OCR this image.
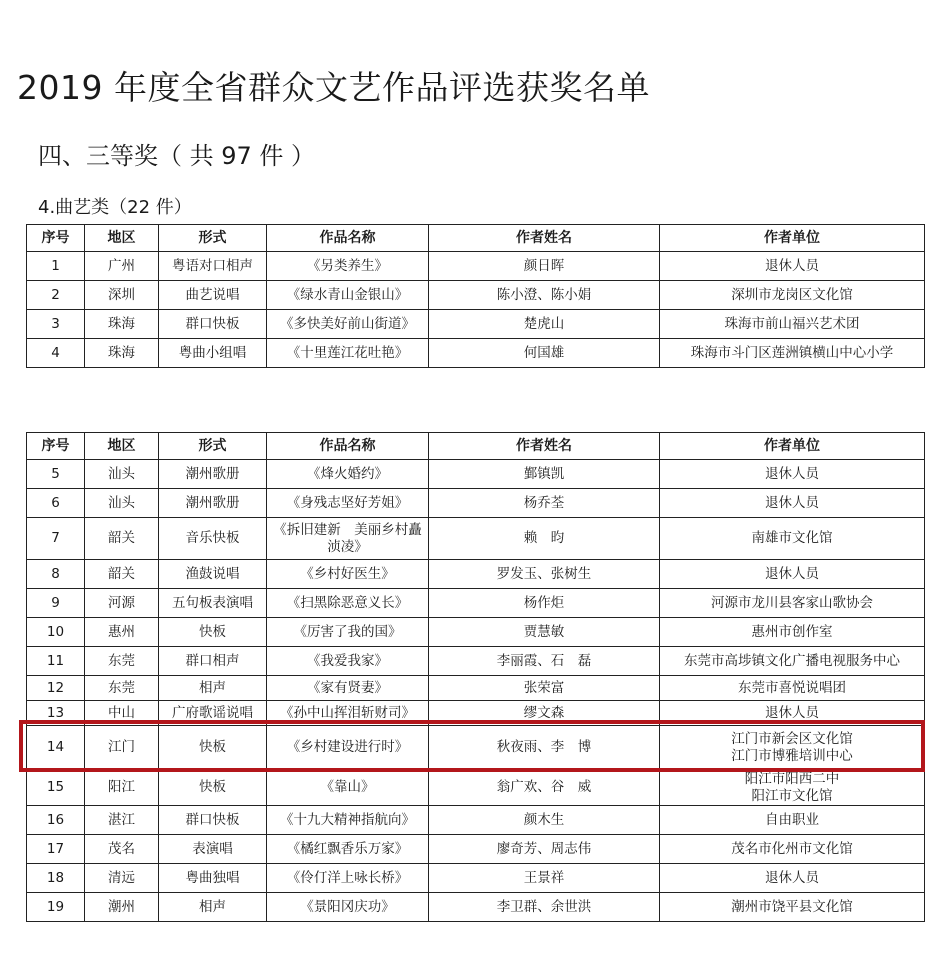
2019 年度全省群众文艺作品评选获奖名单
四、三等奖（ 共 97 件 ）
4.曲艺类（22 件）
序号	地区	形式	作品名称	作者姓名	作者单位
1	广州	粤语对口相声	《另类养生》	颜日晖	退休人员
2	深圳	曲艺说唱	《绿水青山金银山》	陈小澄、陈小娟	深圳市龙岗区文化馆
3	珠海	群口快板	《多快美好前山街道》	楚虎山	珠海市前山福兴艺术团
4	珠海	粤曲小组唱	《十里莲江花吐艳》	何国雄	珠海市斗门区莲洲镇横山中心小学
序号	地区	形式	作品名称	作者姓名	作者单位
5	汕头	潮州歌册	《烽火婚约》	鄞镇凯	退休人员
6	汕头	潮州歌册	《身残志坚好芳姐》	杨乔荃	退休人员
7	韶关	音乐快板	《拆旧建新　美丽乡村矗浈凌》	赖　昀	南雄市文化馆
8	韶关	渔鼓说唱	《乡村好医生》	罗发玉、张树生	退休人员
9	河源	五句板表演唱	《扫黑除恶意义长》	杨作炬	河源市龙川县客家山歌协会
10	惠州	快板	《厉害了我的国》	贾慧敏	惠州市创作室
11	东莞	群口相声	《我爱我家》	李丽霞、石　磊	东莞市高埗镇文化广播电视服务中心
12	东莞	相声	《家有贤妻》	张荣富	东莞市喜悦说唱团
13	中山	广府歌谣说唱	《孙中山挥泪斩财司》	缪文森	退休人员
14	江门	快板	《乡村建设进行时》	秋夜雨、李　博	江门市新会区文化馆
江门市博雅培训中心

15	阳江	快板	《靠山》	翁广欢、谷　威	阳江市阳西二中
阳江市文化馆

16	湛江	群口快板	《十九大精神指航向》	颜木生	自由职业
17	茂名	表演唱	《橘红飘香乐万家》	廖奇芳、周志伟	茂名市化州市文化馆
18	清远	粤曲独唱	《伶仃洋上咏长桥》	王景祥	退休人员
19	潮州	相声	《景阳冈庆功》	李卫群、余世洪	潮州市饶平县文化馆
